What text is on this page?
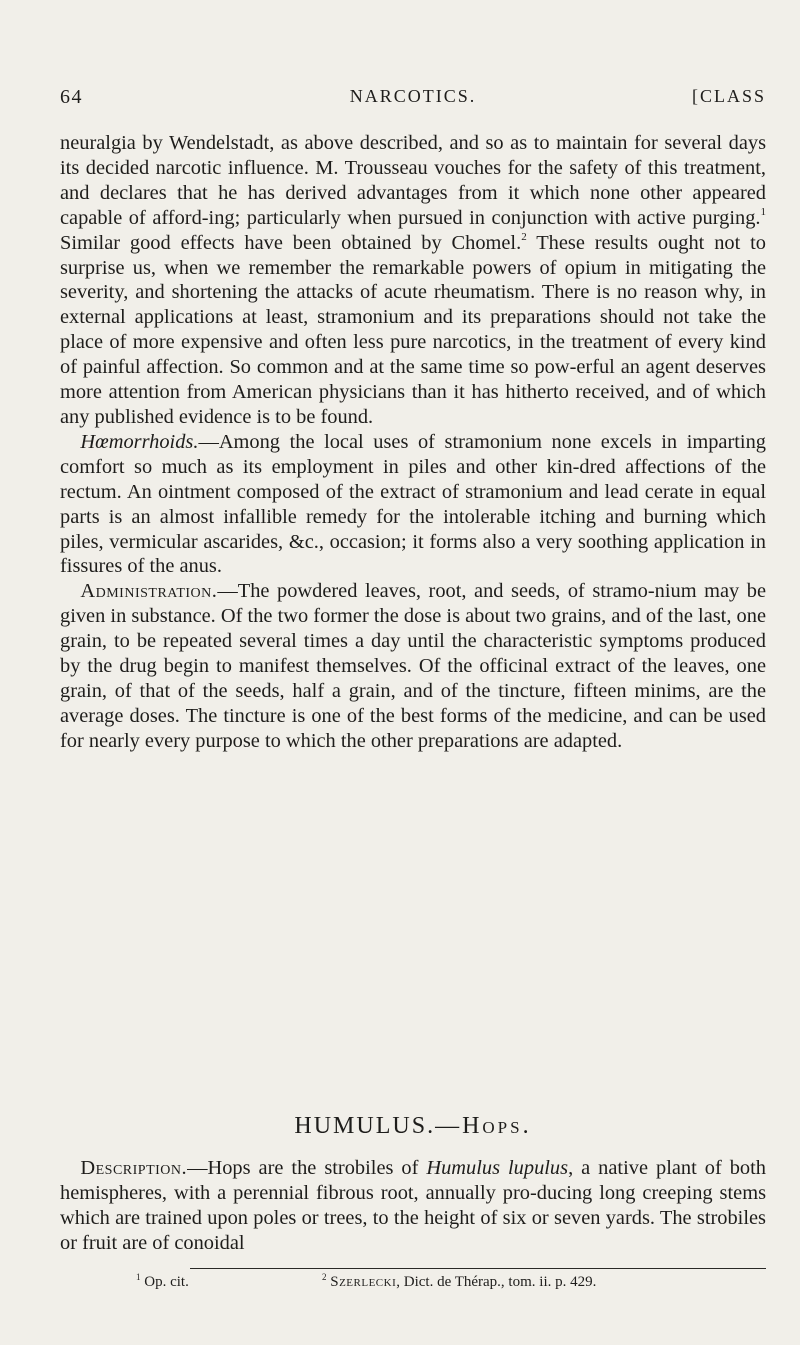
64	NARCOTICS.	[CLASS

neuralgia by Wendelstadt, as above described, and so as to maintain for several days its decided narcotic influence. M. Trousseau vouches for the safety of this treatment, and declares that he has derived advantages from it which none other appeared capable of afford-ing; particularly when pursued in conjunction with active purging.$^1$ Similar good effects have been obtained by Chomel.$^2$ These results ought not to surprise us, when we remember the remarkable powers of opium in mitigating the severity, and shortening the attacks of acute rheumatism. There is no reason why, in external applications at least, stramonium and its preparations should not take the place of more expensive and often less pure narcotics, in the treatment of every kind of painful affection. So common and at the same time so pow-erful an agent deserves more attention from American physicians than it has hitherto received, and of which any published evidence is to be found.

 Hœmorrhoids.—Among the local uses of stramonium none excels in imparting comfort so much as its employment in piles and other kin-dred affections of the rectum. An ointment composed of the extract of stramonium and lead cerate in equal parts is an almost infallible remedy for the intolerable itching and burning which piles, vermicular ascarides, &c., occasion; it forms also a very soothing application in fissures of the anus.

 Administration.—The powdered leaves, root, and seeds, of stramo-nium may be given in substance. Of the two former the dose is about two grains, and of the last, one grain, to be repeated several times a day until the characteristic symptoms produced by the drug begin to manifest themselves. Of the officinal extract of the leaves, one grain, of that of the seeds, half a grain, and of the tincture, fifteen minims, are the average doses. The tincture is one of the best forms of the medicine, and can be used for nearly every purpose to which the other preparations are adapted.

HUMULUS.—Hops.

 Description.—Hops are the strobiles of Humulus lupulus, a native plant of both hemispheres, with a perennial fibrous root, annually pro-ducing long creeping stems which are trained upon poles or trees, to the height of six or seven yards. The strobiles or fruit are of conoidal

$^1$ Op. cit.	$^2$ Szerlecki, Dict. de Thérap., tom. ii. p. 429.
